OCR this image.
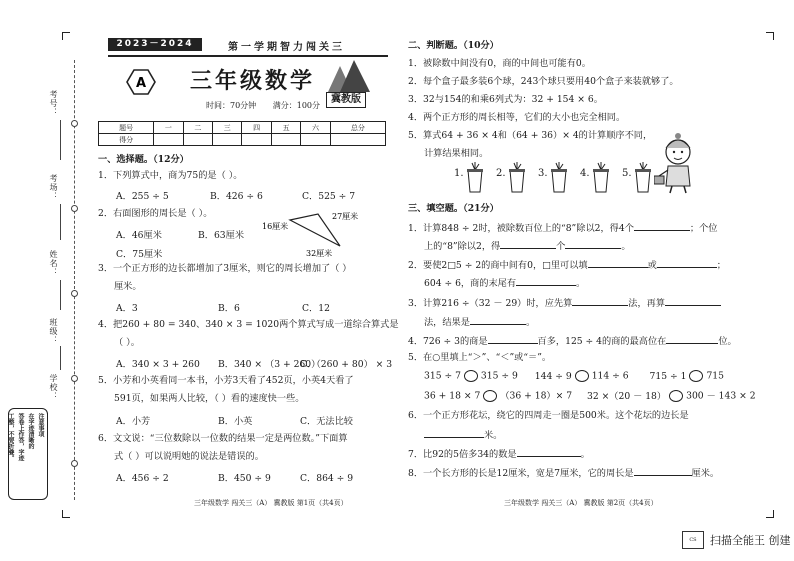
考号：
考场：
姓名：
班级：
学校：
注意事项
在字迹清晰的
答卷上作答，字迹
工整，不要折叠。
2023－2024	第一学期智力闯关三
A 三年级数学
冀教版
时间：70分钟 满分：100分
题号	一	二	三	四	五	六	总分
得分							
一、选择题。（12分）
1．下列算式中，商为75的是（ ）。
A．255 ÷ 5	B．426 ÷ 6	C．525 ÷ 7
2．右面图形的周长是（ ）。
A．46厘米	B．63厘米
C．75厘米
16厘米
27厘米
32厘米
3．一个正方形的边长都增加了3厘米，则它的周长增加了（ ）
厘米。
A．3	B．6	C．12
4．把260 + 80 = 340、340 × 3 = 1020两个算式写成一道综合算式是
（ ）。
A．340 × 3 + 260 B．340 × （3 + 260）
C．（260 + 80） × 3
5．小芳和小英看同一本书，小芳3天看了452页，小英4天看了
591页，如果两人比较，（ ）看的速度快一些。
A．小芳	B．小英	C．无法比较
6．文文说：“三位数除以一位数的结果一定是两位数。”下面算
式（ ）可以说明她的说法是错误的。
A．456 ÷ 2	B．450 ÷ 9	C．864 ÷ 9
三年级数学 闯关三（A） 冀教版 第1页（共4页）
二、判断题。（10分）
1．被除数中间没有0，商的中间也可能有0。
2．每个盒子最多装6个球，243个球只要用40个盒子来装就够了。
3．32与154的和乘6列式为：32 + 154 × 6。
4．两个正方形的周长相等，它们的大小也完全相同。
5．算式64 + 36 × 4和（64 + 36）× 4的计算顺序不同，
计算结果相同。
1.	2.	3.	4.	5.
三、填空题。（21分）
1．计算848 ÷ 2时，被除数百位上的“8”除以2，得4个	；个位
上的“8”除以2，得	个	。
2．要使2□5 ÷ 2的商中间有0，□里可以填	或	；
604 ÷ 6，商的末尾有	。
3．计算216 ÷（32 － 29）时，应先算	法，再算
法，结果是	。
4．726 ÷ 3的商是	百多，125 ÷ 4的商的最高位在	位。
5．在○里填上“＞”、“＜”或“＝”。
315 ÷ 7 315 ÷ 9 144 ÷ 9 114 ÷ 6 715 ÷ 1 715
36 + 18 × 7 （36 + 18）× 7 32 ×（20 － 18） 300 － 143 × 2
6．一个正方形花坛，绕它的四周走一圈是500米。这个花坛的边长是
米。
7．比92的5倍多34的数是	。
8．一个长方形的长是12厘米，宽是7厘米，它的周长是	厘米。
三年级数学 闯关三（A） 冀教版 第2页（共4页）
CS 扫描全能王 创建
